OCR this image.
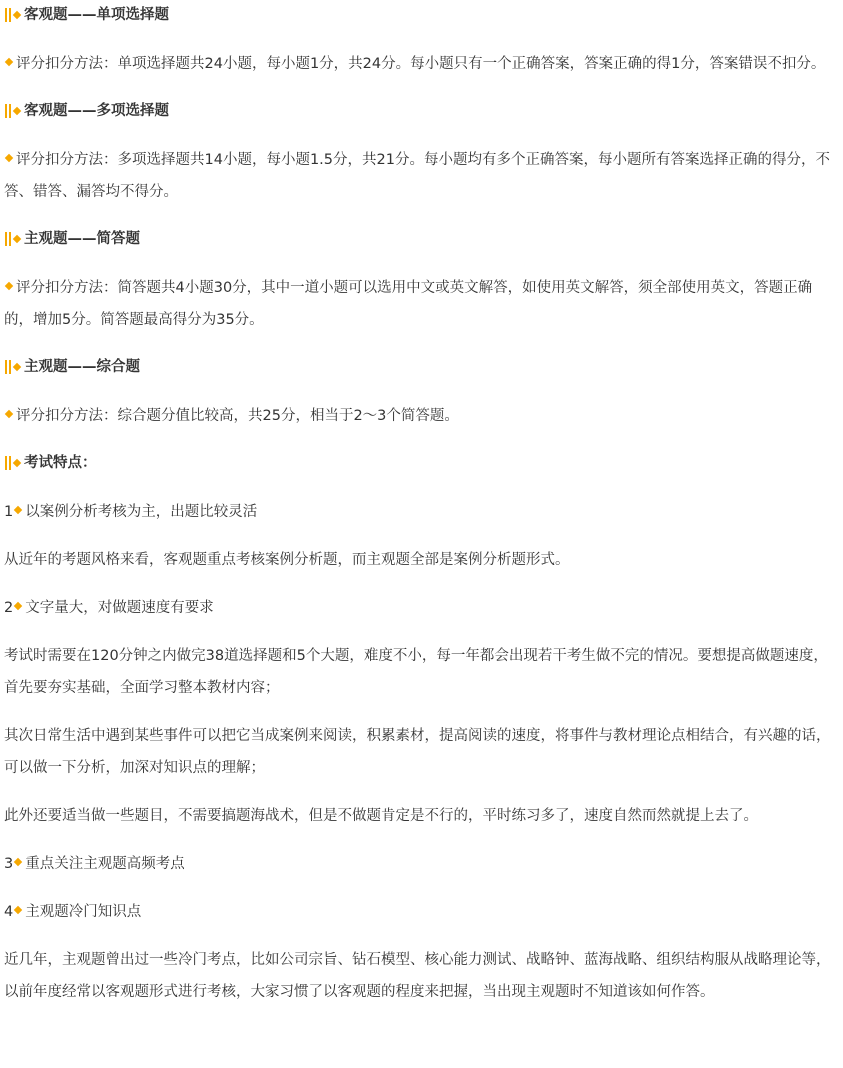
客观题——单项选择题

评分扣分方法：单项选择题共24小题，每小题1分，共24分。每小题只有一个正确答案，答案正确的得1分，答案错误不扣分。

客观题——多项选择题

评分扣分方法：多项选择题共14小题，每小题1.5分，共21分。每小题均有多个正确答案，每小题所有答案选择正确的得分，不答、错答、漏答均不得分。

主观题——简答题

评分扣分方法：简答题共4小题30分，其中一道小题可以选用中文或英文解答，如使用英文解答，须全部使用英文，答题正确的，增加5分。简答题最高得分为35分。

主观题——综合题

评分扣分方法：综合题分值比较高，共25分，相当于2～3个简答题。

考试特点：

1 以案例分析考核为主，出题比较灵活

从近年的考题风格来看，客观题重点考核案例分析题，而主观题全部是案例分析题形式。

2 文字量大，对做题速度有要求

考试时需要在120分钟之内做完38道选择题和5个大题，难度不小，每一年都会出现若干考生做不完的情况。要想提高做题速度，首先要夯实基础，全面学习整本教材内容；

其次日常生活中遇到某些事件可以把它当成案例来阅读，积累素材，提高阅读的速度，将事件与教材理论点相结合，有兴趣的话，可以做一下分析，加深对知识点的理解；

此外还要适当做一些题目，不需要搞题海战术，但是不做题肯定是不行的，平时练习多了，速度自然而然就提上去了。

3 重点关注主观题高频考点

4 主观题冷门知识点

近几年，主观题曾出过一些冷门考点，比如公司宗旨、钻石模型、核心能力测试、战略钟、蓝海战略、组织结构服从战略理论等，以前年度经常以客观题形式进行考核，大家习惯了以客观题的程度来把握，当出现主观题时不知道该如何作答。
